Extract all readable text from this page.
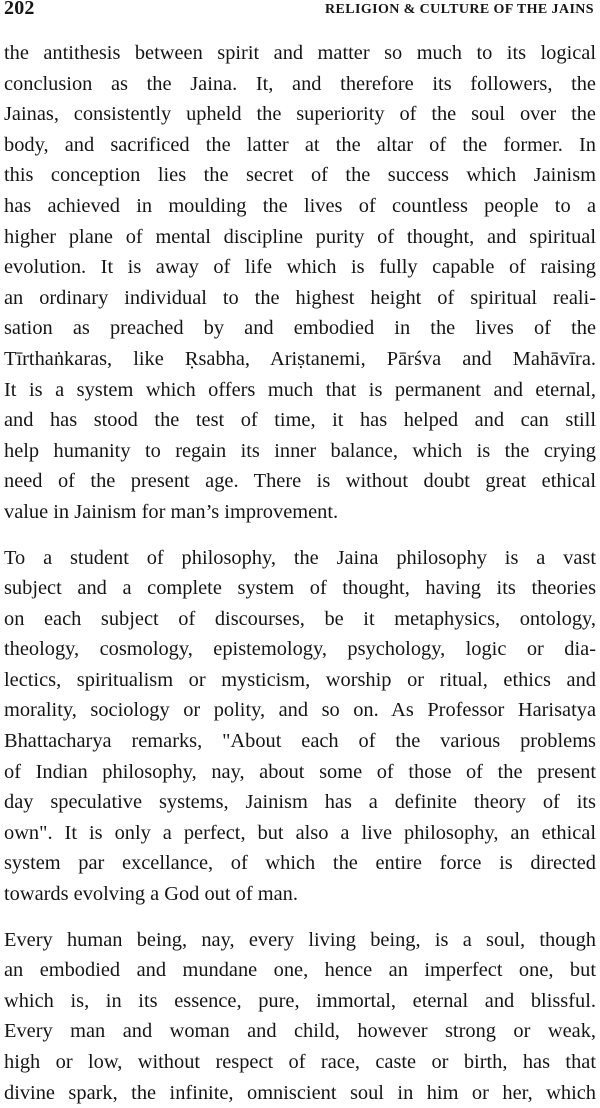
202	RELIGION & CULTURE OF THE JAINS

the antithesis between spirit and matter so much to its logical
conclusion as the Jaina. It, and therefore its followers, the
Jainas, consistently upheld the superiority of the soul over the
body, and sacrificed the latter at the altar of the former. In
this conception lies the secret of the success which Jainism
has achieved in moulding the lives of countless people to a
higher plane of mental discipline purity of thought, and spiritual
evolution. It is away of life which is fully capable of raising
an ordinary individual to the highest height of spiritual reali-
sation as preached by and embodied in the lives of the
Tīrthaṅkaras, like Ṛsabha, Ariṣtanemi, Pārśva and Mahāvīra.
It is a system which offers much that is permanent and eternal,
and has stood the test of time, it has helped and can still
help humanity to regain its inner balance, which is the crying
need of the present age. There is without doubt great ethical
value in Jainism for man’s improvement.

To a student of philosophy, the Jaina philosophy is a vast
subject and a complete system of thought, having its theories
on each subject of discourses, be it metaphysics, ontology,
theology, cosmology, epistemology, psychology, logic or dia-
lectics, spiritualism or mysticism, worship or ritual, ethics and
morality, sociology or polity, and so on. As Professor Harisatya
Bhattacharya remarks, "About each of the various problems
of Indian philosophy, nay, about some of those of the present
day speculative systems, Jainism has a definite theory of its
own". It is only a perfect, but also a live philosophy, an ethical
system par excellance, of which the entire force is directed
towards evolving a God out of man.

Every human being, nay, every living being, is a soul, though
an embodied and mundane one, hence an imperfect one, but
which is, in its essence, pure, immortal, eternal and blissful.
Every man and woman and child, however strong or weak,
high or low, without respect of race, caste or birth, has that
divine spark, the infinite, omniscient soul in him or her, which
